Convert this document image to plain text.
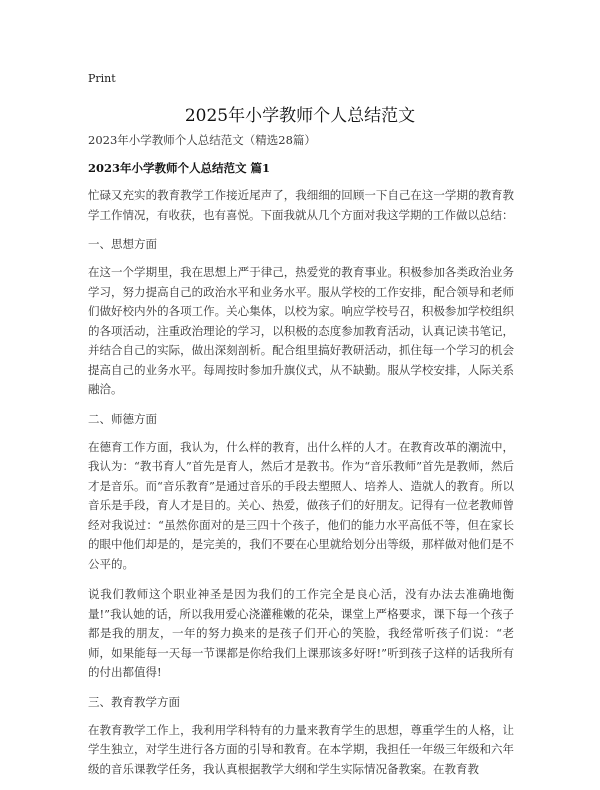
Print
2025年小学教师个人总结范文

2023年小学教师个人总结范文（精选28篇）

2023年小学教师个人总结范文 篇1

忙碌又充实的教育教学工作接近尾声了，我细细的回顾一下自己在这一学期的教育教学工作情况，有收获，也有喜悦。下面我就从几个方面对我这学期的工作做以总结：

一、思想方面

在这一个学期里，我在思想上严于律己，热爱党的教育事业。积极参加各类政治业务学习，努力提高自己的政治水平和业务水平。服从学校的工作安排，配合领导和老师们做好校内外的各项工作。关心集体，以校为家。响应学校号召，积极参加学校组织的各项活动，注重政治理论的学习，以积极的态度参加教育活动，认真记读书笔记，并结合自己的实际，做出深刻剖析。配合组里搞好教研活动，抓住每一个学习的机会提高自己的业务水平。每周按时参加升旗仪式，从不缺勤。服从学校安排，人际关系融洽。

二、师德方面

在德育工作方面，我认为，什么样的教育，出什么样的人才。在教育改革的潮流中，我认为：“教书育人”首先是育人，然后才是教书。作为“音乐教师”首先是教师，然后才是音乐。而“音乐教育”是通过音乐的手段去塑照人、培养人、造就人的教育。所以音乐是手段，育人才是目的。关心、热爱，做孩子们的好朋友。记得有一位老教师曾经对我说过：“虽然你面对的是三四十个孩子，他们的能力水平高低不等，但在家长的眼中他们却是的，是完美的，我们不要在心里就给划分出等级，那样做对他们是不公平的。

说我们教师这个职业神圣是因为我们的工作完全是良心活，没有办法去准确地衡量!”我认她的话，所以我用爱心浇灌稚嫩的花朵，课堂上严格要求，课下每一个孩子都是我的朋友，一年的努力换来的是孩子们开心的笑脸，我经常听孩子们说：“老师，如果能每一天每一节课都是你给我们上课那该多好呀!”听到孩子这样的话我所有的付出都值得!

三、教育教学方面

在教育教学工作上，我利用学科特有的力量来教育学生的思想，尊重学生的人格，让学生独立，对学生进行各方面的引导和教育。在本学期，我担任一年级三年级和六年级的音乐课教学任务，我认真根据教学大纲和学生实际情况备教案。在教育教
